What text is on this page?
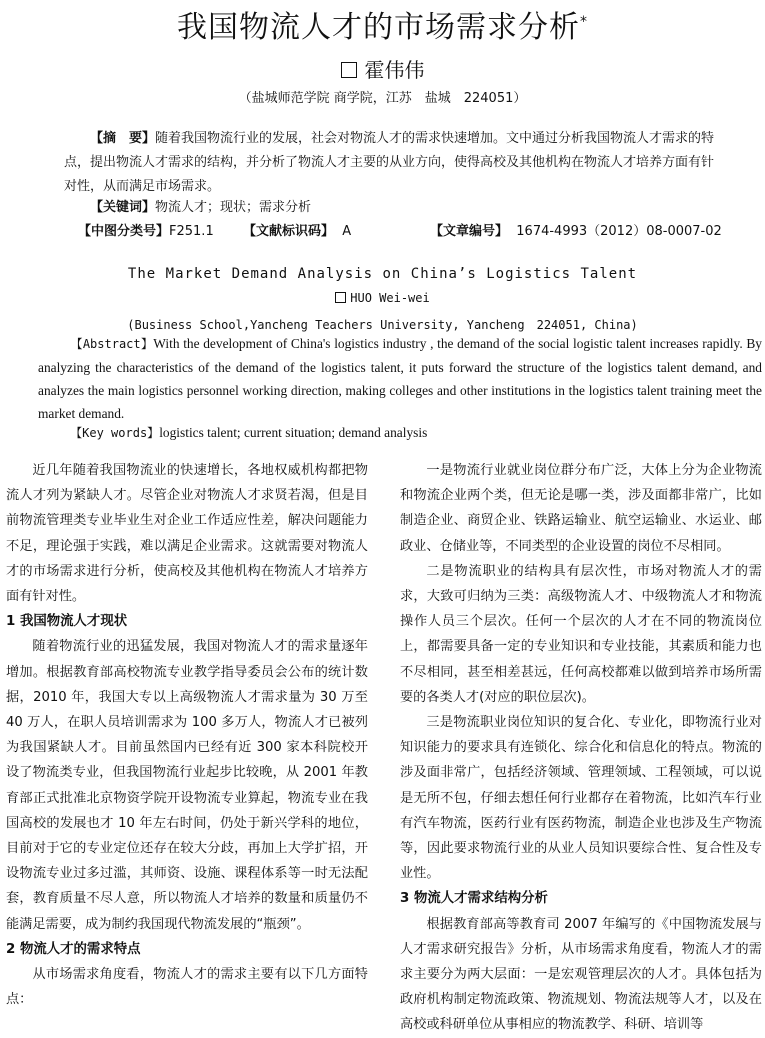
我国物流人才的市场需求分析*
霍伟伟
（盐城师范学院 商学院，江苏　盐城　224051）
【摘　要】随着我国物流行业的发展，社会对物流人才的需求快速增加。文中通过分析我国物流人才需求的特点，提出物流人才需求的结构，并分析了物流人才主要的从业方向，使得高校及其他机构在物流人才培养方面有针对性，从而满足市场需求。
【关键词】物流人才；现状；需求分析
【中图分类号】F251.1 【文献标识码】 A	【文章编号】 1674-4993（2012）08-0007-02
The Market Demand Analysis on China’s Logistics Talent
HUO Wei-wei
(Business School,Yancheng Teachers University, Yancheng　224051, China)
【Abstract】With the development of China's logistics industry , the demand of the social logistic talent increases rapidly. By analyzing the characteristics of the demand of the logistics talent, it puts forward the structure of the logistics talent demand, and analyzes the main logistics personnel working direction, making colleges and other institutions in the logistics talent training meet the market demand.
【Key words】logistics talent; current situation; demand analysis

近几年随着我国物流业的快速增长，各地权威机构都把物流人才列为紧缺人才。尽管企业对物流人才求贤若渴，但是目前物流管理类专业毕业生对企业工作适应性差，解决问题能力不足，理论强于实践，难以满足企业需求。这就需要对物流人才的市场需求进行分析，使高校及其他机构在物流人才培养方面有针对性。

1 我国物流人才现状

随着物流行业的迅猛发展，我国对物流人才的需求量逐年增加。根据教育部高校物流专业教学指导委员会公布的统计数据，2010 年，我国大专以上高级物流人才需求量为 30 万至 40 万人，在职人员培训需求为 100 多万人，物流人才已被列为我国紧缺人才。目前虽然国内已经有近 300 家本科院校开设了物流类专业，但我国物流行业起步比较晚，从 2001 年教育部正式批准北京物资学院开设物流专业算起，物流专业在我国高校的发展也才 10 年左右时间，仍处于新兴学科的地位，目前对于它的专业定位还存在较大分歧，再加上大学扩招，开设物流专业过多过滥，其师资、设施、课程体系等一时无法配套，教育质量不尽人意，所以物流人才培养的数量和质量仍不能满足需要，成为制约我国现代物流发展的“瓶颈”。

2 物流人才的需求特点

从市场需求角度看，物流人才的需求主要有以下几方面特点：

一是物流行业就业岗位群分布广泛，大体上分为企业物流和物流企业两个类，但无论是哪一类，涉及面都非常广，比如制造企业、商贸企业、铁路运输业、航空运输业、水运业、邮政业、仓储业等，不同类型的企业设置的岗位不尽相同。

二是物流职业的结构具有层次性，市场对物流人才的需求，大致可归纳为三类：高级物流人才、中级物流人才和物流操作人员三个层次。任何一个层次的人才在不同的物流岗位上，都需要具备一定的专业知识和专业技能，其素质和能力也不尽相同，甚至相差甚远，任何高校都难以做到培养市场所需要的各类人才(对应的职位层次)。

三是物流职业岗位知识的复合化、专业化，即物流行业对知识能力的要求具有连锁化、综合化和信息化的特点。物流的涉及面非常广，包括经济领域、管理领域、工程领域，可以说是无所不包，仔细去想任何行业都存在着物流，比如汽车行业有汽车物流，医药行业有医药物流，制造企业也涉及生产物流等，因此要求物流行业的从业人员知识要综合性、复合性及专业性。

3 物流人才需求结构分析

根据教育部高等教育司 2007 年编写的《中国物流发展与人才需求研究报告》分析，从市场需求角度看，物流人才的需求主要分为两大层面：一是宏观管理层次的人才。具体包括为政府机构制定物流政策、物流规划、物流法规等人才，以及在高校或科研单位从事相应的物流教学、科研、培训等
